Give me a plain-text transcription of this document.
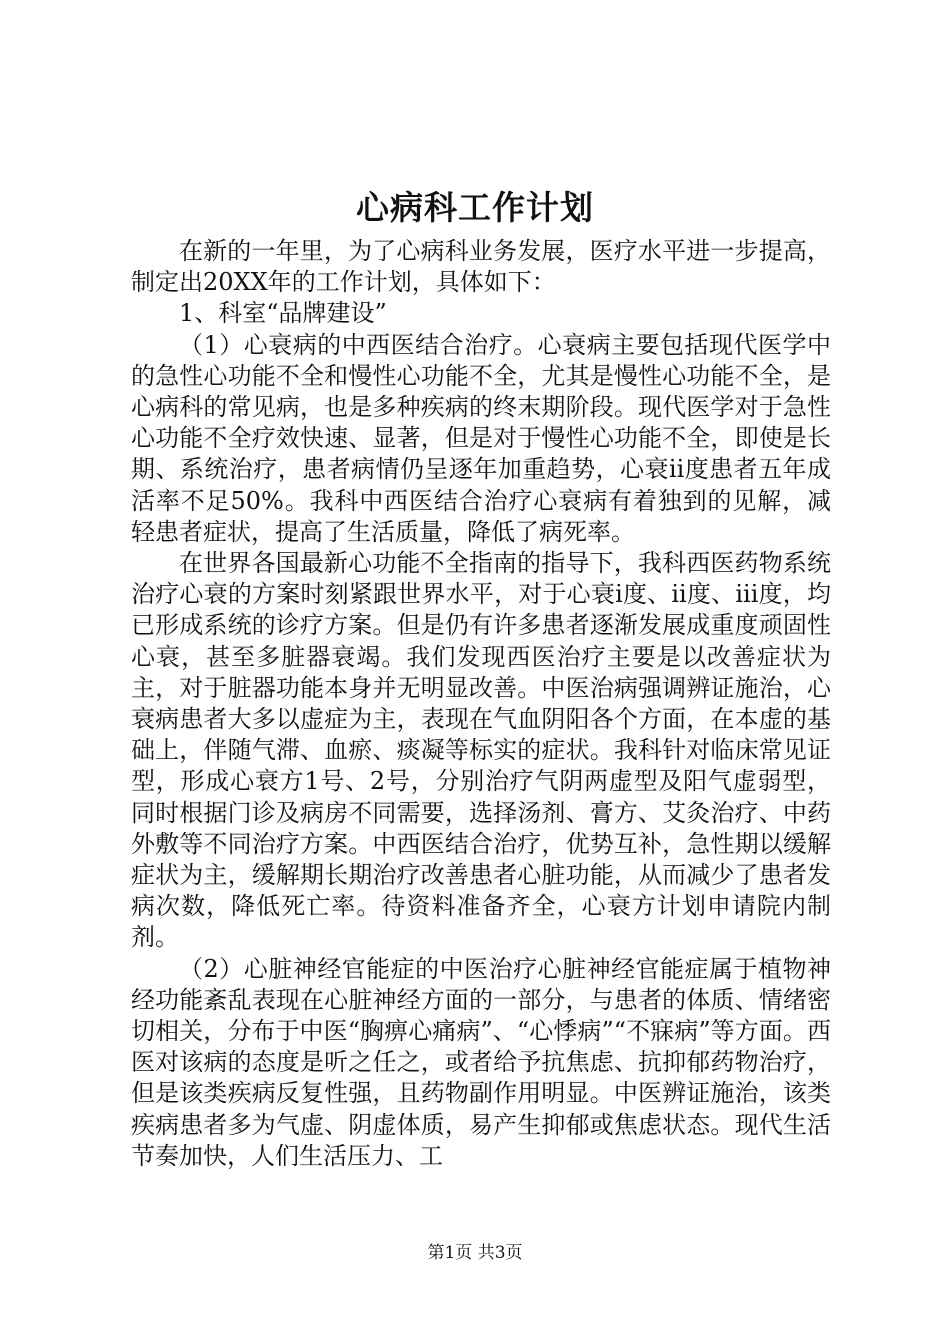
心病科工作计划

在新的一年里，为了心病科业务发展，医疗水平进一步提高，制定出20XX年的工作计划，具体如下：

1、科室“品牌建设”

（1）心衰病的中西医结合治疗。心衰病主要包括现代医学中的急性心功能不全和慢性心功能不全，尤其是慢性心功能不全，是心病科的常见病，也是多种疾病的终末期阶段。现代医学对于急性心功能不全疗效快速、显著，但是对于慢性心功能不全，即使是长期、系统治疗，患者病情仍呈逐年加重趋势，心衰ii度患者五年成活率不足50%。我科中西医结合治疗心衰病有着独到的见解，减轻患者症状，提高了生活质量，降低了病死率。

在世界各国最新心功能不全指南的指导下，我科西医药物系统治疗心衰的方案时刻紧跟世界水平，对于心衰i度、ii度、iii度，均已形成系统的诊疗方案。但是仍有许多患者逐渐发展成重度顽固性心衰，甚至多脏器衰竭。我们发现西医治疗主要是以改善症状为主，对于脏器功能本身并无明显改善。中医治病强调辨证施治，心衰病患者大多以虚症为主，表现在气血阴阳各个方面，在本虚的基础上，伴随气滞、血瘀、痰凝等标实的症状。我科针对临床常见证型，形成心衰方1号、2号，分别治疗气阴两虚型及阳气虚弱型，同时根据门诊及病房不同需要，选择汤剂、膏方、艾灸治疗、中药外敷等不同治疗方案。中西医结合治疗，优势互补，急性期以缓解症状为主，缓解期长期治疗改善患者心脏功能，从而减少了患者发病次数，降低死亡率。待资料准备齐全，心衰方计划申请院内制剂。

（2）心脏神经官能症的中医治疗心脏神经官能症属于植物神经功能紊乱表现在心脏神经方面的一部分，与患者的体质、情绪密切相关，分布于中医“胸痹心痛病”、“心悸病”“不寐病”等方面。西医对该病的态度是听之任之，或者给予抗焦虑、抗抑郁药物治疗，但是该类疾病反复性强，且药物副作用明显。中医辨证施治，该类疾病患者多为气虚、阴虚体质，易产生抑郁或焦虑状态。现代生活节奏加快，人们生活压力、工

第1页 共3页
